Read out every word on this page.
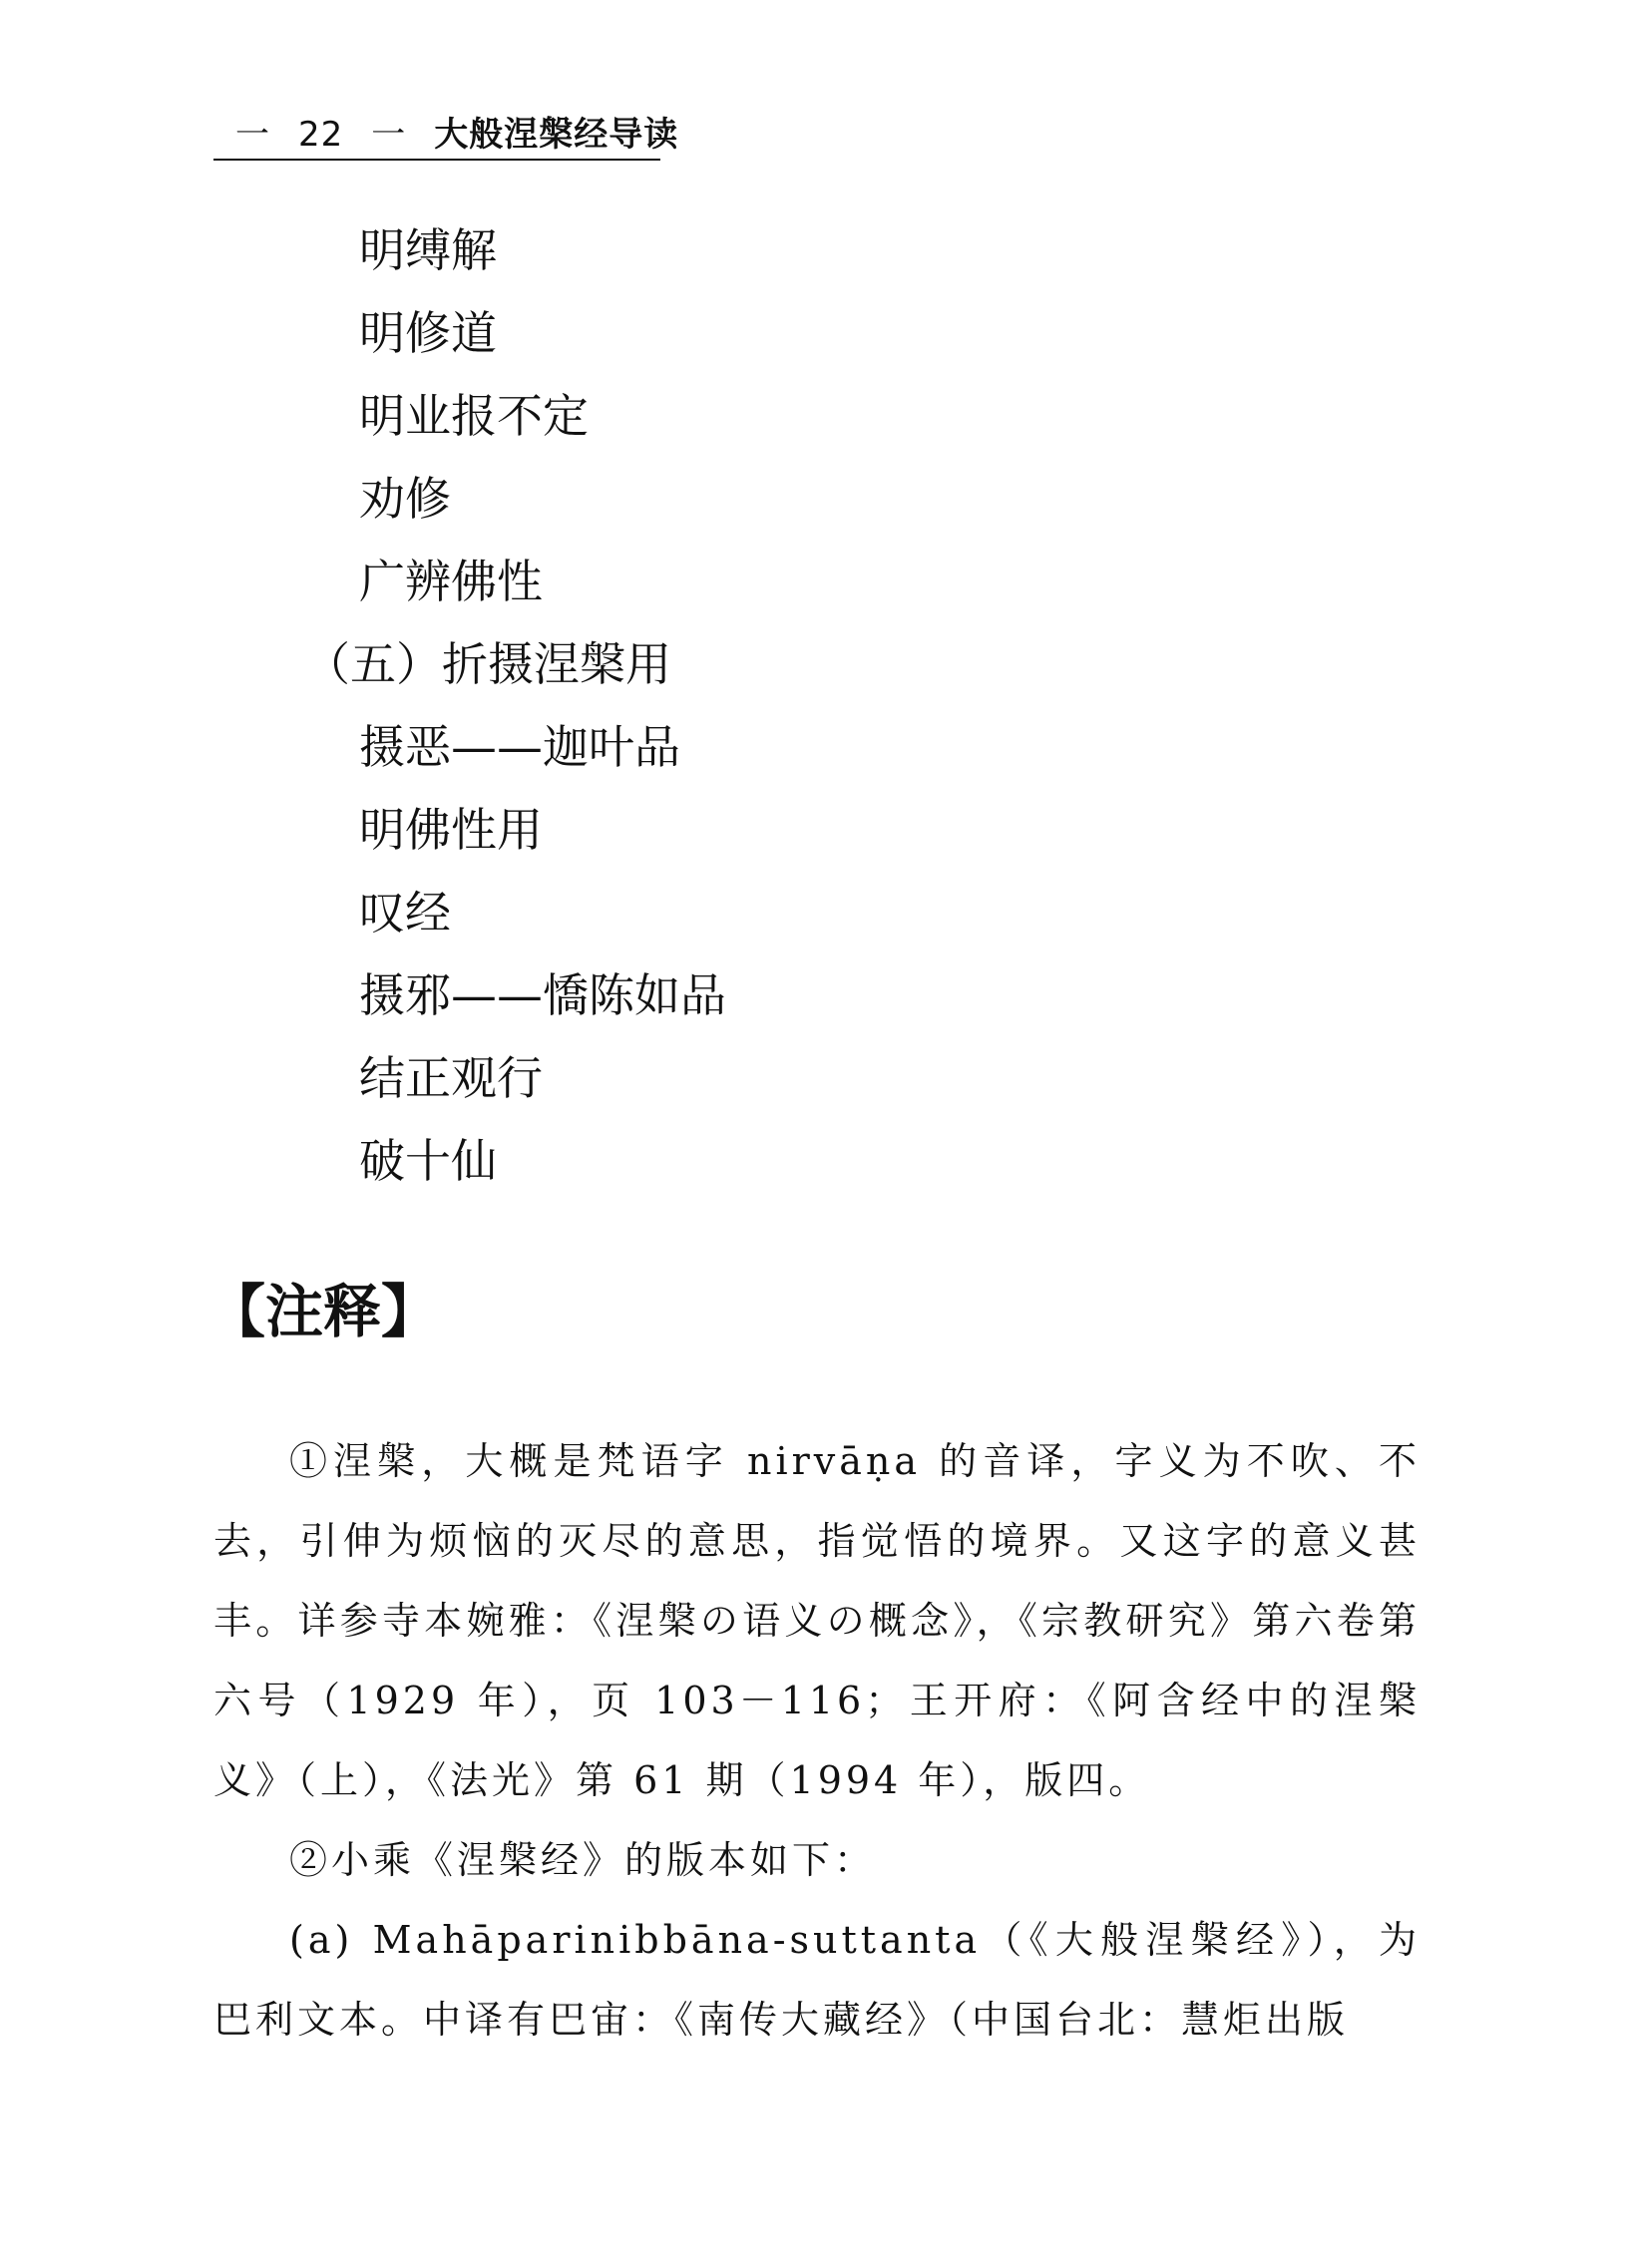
一 22 一 大般涅槃经导读
明缚解
明修道
明业报不定
劝修
广辨佛性
（五）折摄涅槃用
摄恶——迦叶品
明佛性用
叹经
摄邪——憍陈如品
结正观行
破十仙
【注释】

①涅槃，大概是梵语字 nirvāṇa 的音译，字义为不吹、不去，引伸为烦恼的灭尽的意思，指觉悟的境界。又这字的意义甚丰。详参寺本婉雅：《涅槃の语义の概念》，《宗教研究》第六卷第六号（1929 年），页 103－116；王开府：《阿含经中的涅槃义》（上），《法光》第 61 期（1994 年），版四。

②小乘《涅槃经》的版本如下：

(a) Mahāparinibbāna-suttanta（《大般涅槃经》），为巴利文本。中译有巴宙：《南传大藏经》（中国台北：慧炬出版
